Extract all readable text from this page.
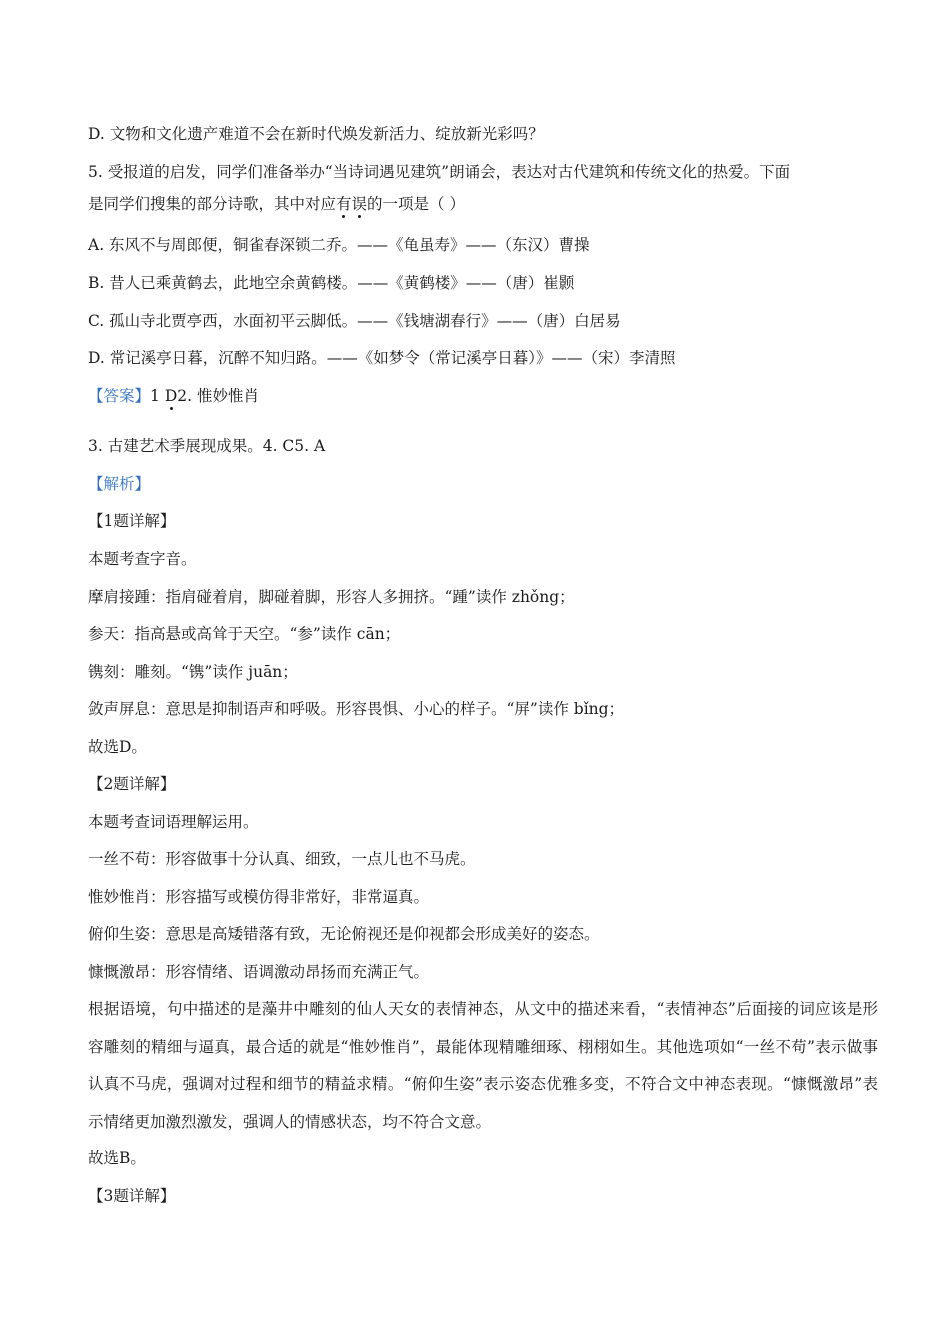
D. 文物和文化遗产难道不会在新时代焕发新活力、绽放新光彩吗？
5. 受报道的启发，同学们准备举办“当诗词遇见建筑”朗诵会，表达对古代建筑和传统文化的热爱。下面
是同学们搜集的部分诗歌，其中对应有误的一项是（ ）
A. 东风不与周郎便，铜雀春深锁二乔。——《龟虽寿》——（东汉）曹操
B. 昔人已乘黄鹤去，此地空余黄鹤楼。——《黄鹤楼》——（唐）崔颢
C. 孤山寺北贾亭西，水面初平云脚低。——《钱塘湖春行》——（唐）白居易
D. 常记溪亭日暮，沉醉不知归路。——《如梦令（常记溪亭日暮）》——（宋）李清照
【答案】1 D2. 惟妙惟肖
3. 古建艺术季展现成果。4. C5. A
【解析】
【1题详解】
本题考查字音。
摩肩接踵：指肩碰着肩，脚碰着脚，形容人多拥挤。“踵”读作 zhǒng；
参天：指高悬或高耸于天空。“参”读作 cān；
镌刻：雕刻。“镌”读作 juān；
敛声屏息：意思是抑制语声和呼吸。形容畏惧、小心的样子。“屏”读作 bǐng；
故选D。
【2题详解】
本题考查词语理解运用。
一丝不苟：形容做事十分认真、细致，一点儿也不马虎。
惟妙惟肖：形容描写或模仿得非常好，非常逼真。
俯仰生姿：意思是高矮错落有致，无论俯视还是仰视都会形成美好的姿态。
慷慨激昂：形容情绪、语调激动昂扬而充满正气。
根据语境，句中描述的是藻井中雕刻的仙人天女的表情神态，从文中的描述来看，“表情神态”后面接的词应该是形容雕刻的精细与逼真，最合适的就是“惟妙惟肖”，最能体现精雕细琢、栩栩如生。其他选项如“一丝不苟”表示做事认真不马虎，强调对过程和细节的精益求精。“俯仰生姿”表示姿态优雅多变，不符合文中神态表现。“慷慨激昂”表示情绪更加激烈激发，强调人的情感状态，均不符合文意。
故选B。
【3题详解】
